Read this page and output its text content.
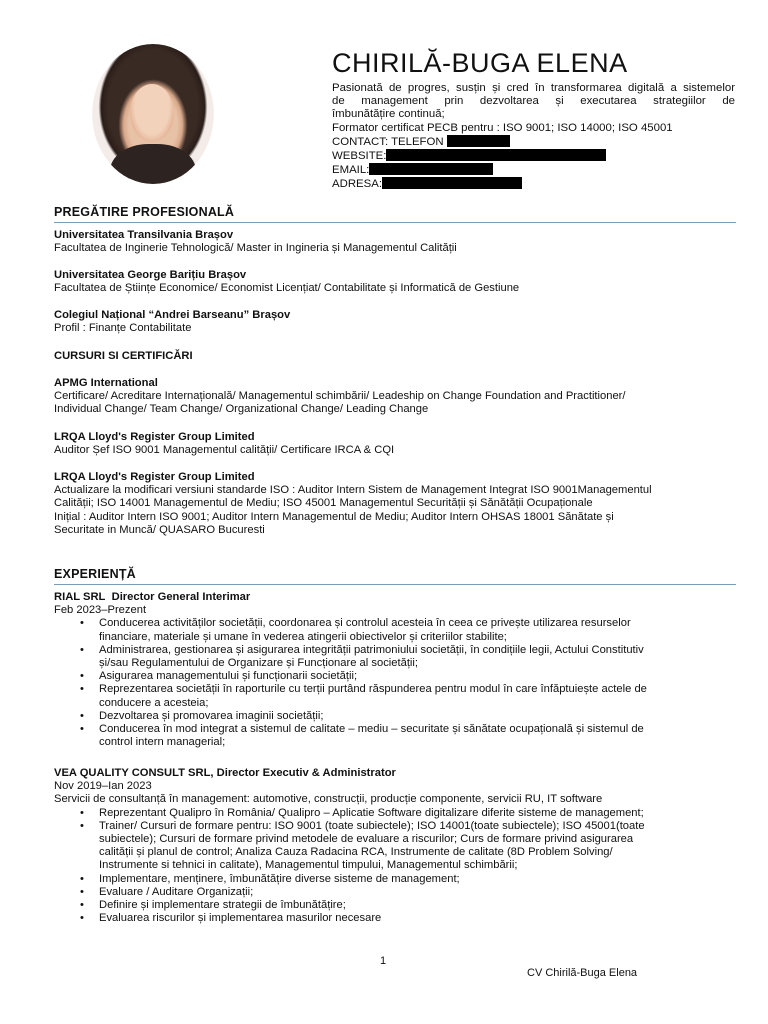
CHIRILĂ-BUGA ELENA
Pasionată de progres, susțin și cred în transformarea digitală a sistemelor
de management prin dezvoltarea și executarea strategiilor de
îmbunătățire continuă;
Formator certificat PECB pentru : ISO 9001; ISO 14000; ISO 45001
CONTACT: TELEFON
WEBSITE:
EMAIL:
ADRESA:
PREGĂTIRE PROFESIONALĂ
Universitatea Transilvania Brașov
Facultatea de Inginerie Tehnologică/ Master in Ingineria și Managementul Calității
Universitatea George Barițiu Brașov
Facultatea de Științe Economice/ Economist Licențiat/ Contabilitate și Informatică de Gestiune
Colegiul Național “Andrei Barseanu” Brașov
Profil : Finanțe Contabilitate
CURSURI SI CERTIFICĂRI
APMG International
Certificare/ Acreditare Internațională/ Managementul schimbării/ Leadeship on Change Foundation and Practitioner/
Individual Change/ Team Change/ Organizational Change/ Leading Change
LRQA Lloyd's Register Group Limited
Auditor Șef ISO 9001 Managementul calității/ Certificare IRCA & CQI
LRQA Lloyd's Register Group Limited
Actualizare la modificari versiuni standarde ISO : Auditor Intern Sistem de Management Integrat ISO 9001Managementul
Calității; ISO 14001 Managementul de Mediu; ISO 45001 Managementul Securității și Sănătății Ocupaționale
Inițial : Auditor Intern ISO 9001; Auditor Intern Managementul de Mediu; Auditor Intern OHSAS 18001 Sănătate și
Securitate in Muncă/ QUASARO Bucuresti
EXPERIENȚĂ
RIAL SRL Director General Interimar
Feb 2023–Prezent
• Conducerea activităților societății, coordonarea și controlul acesteia în ceea ce privește utilizarea resurselor
financiare, materiale și umane în vederea atingerii obiectivelor și criteriilor stabilite;
• Administrarea, gestionarea și asigurarea integrității patrimoniului societății, în condițiile legii, Actului Constitutiv
și/sau Regulamentului de Organizare și Funcționare al societății;
• Asigurarea managementului și funcționarii societății;
• Reprezentarea societății în raporturile cu terții purtând răspunderea pentru modul în care înfăptuiește actele de
conducere a acesteia;
• Dezvoltarea și promovarea imaginii societății;
• Conducerea în mod integrat a sistemul de calitate – mediu – securitate și sănătate ocupațională și sistemul de
control intern managerial;
VEA QUALITY CONSULT SRL, Director Executiv & Administrator
Nov 2019–Ian 2023
Servicii de consultanță în management: automotive, construcții, producție componente, servicii RU, IT software
• Reprezentant Qualipro în România/ Qualipro – Aplicatie Software digitalizare diferite sisteme de management;
• Trainer/ Cursuri de formare pentru: ISO 9001 (toate subiectele); ISO 14001(toate subiectele); ISO 45001(toate
subiectele); Cursuri de formare privind metodele de evaluare a riscurilor; Curs de formare privind asigurarea
calității și planul de control; Analiza Cauza Radacina RCA, Instrumente de calitate (8D Problem Solving/
Instrumente si tehnici in calitate), Managementul timpului, Managementul schimbării;
• Implementare, menținere, îmbunătățire diverse sisteme de management;
• Evaluare / Auditare Organizații;
• Definire și implementare strategii de îmbunătățire;
• Evaluarea riscurilor și implementarea masurilor necesare
1
CV Chirilă-Buga Elena
